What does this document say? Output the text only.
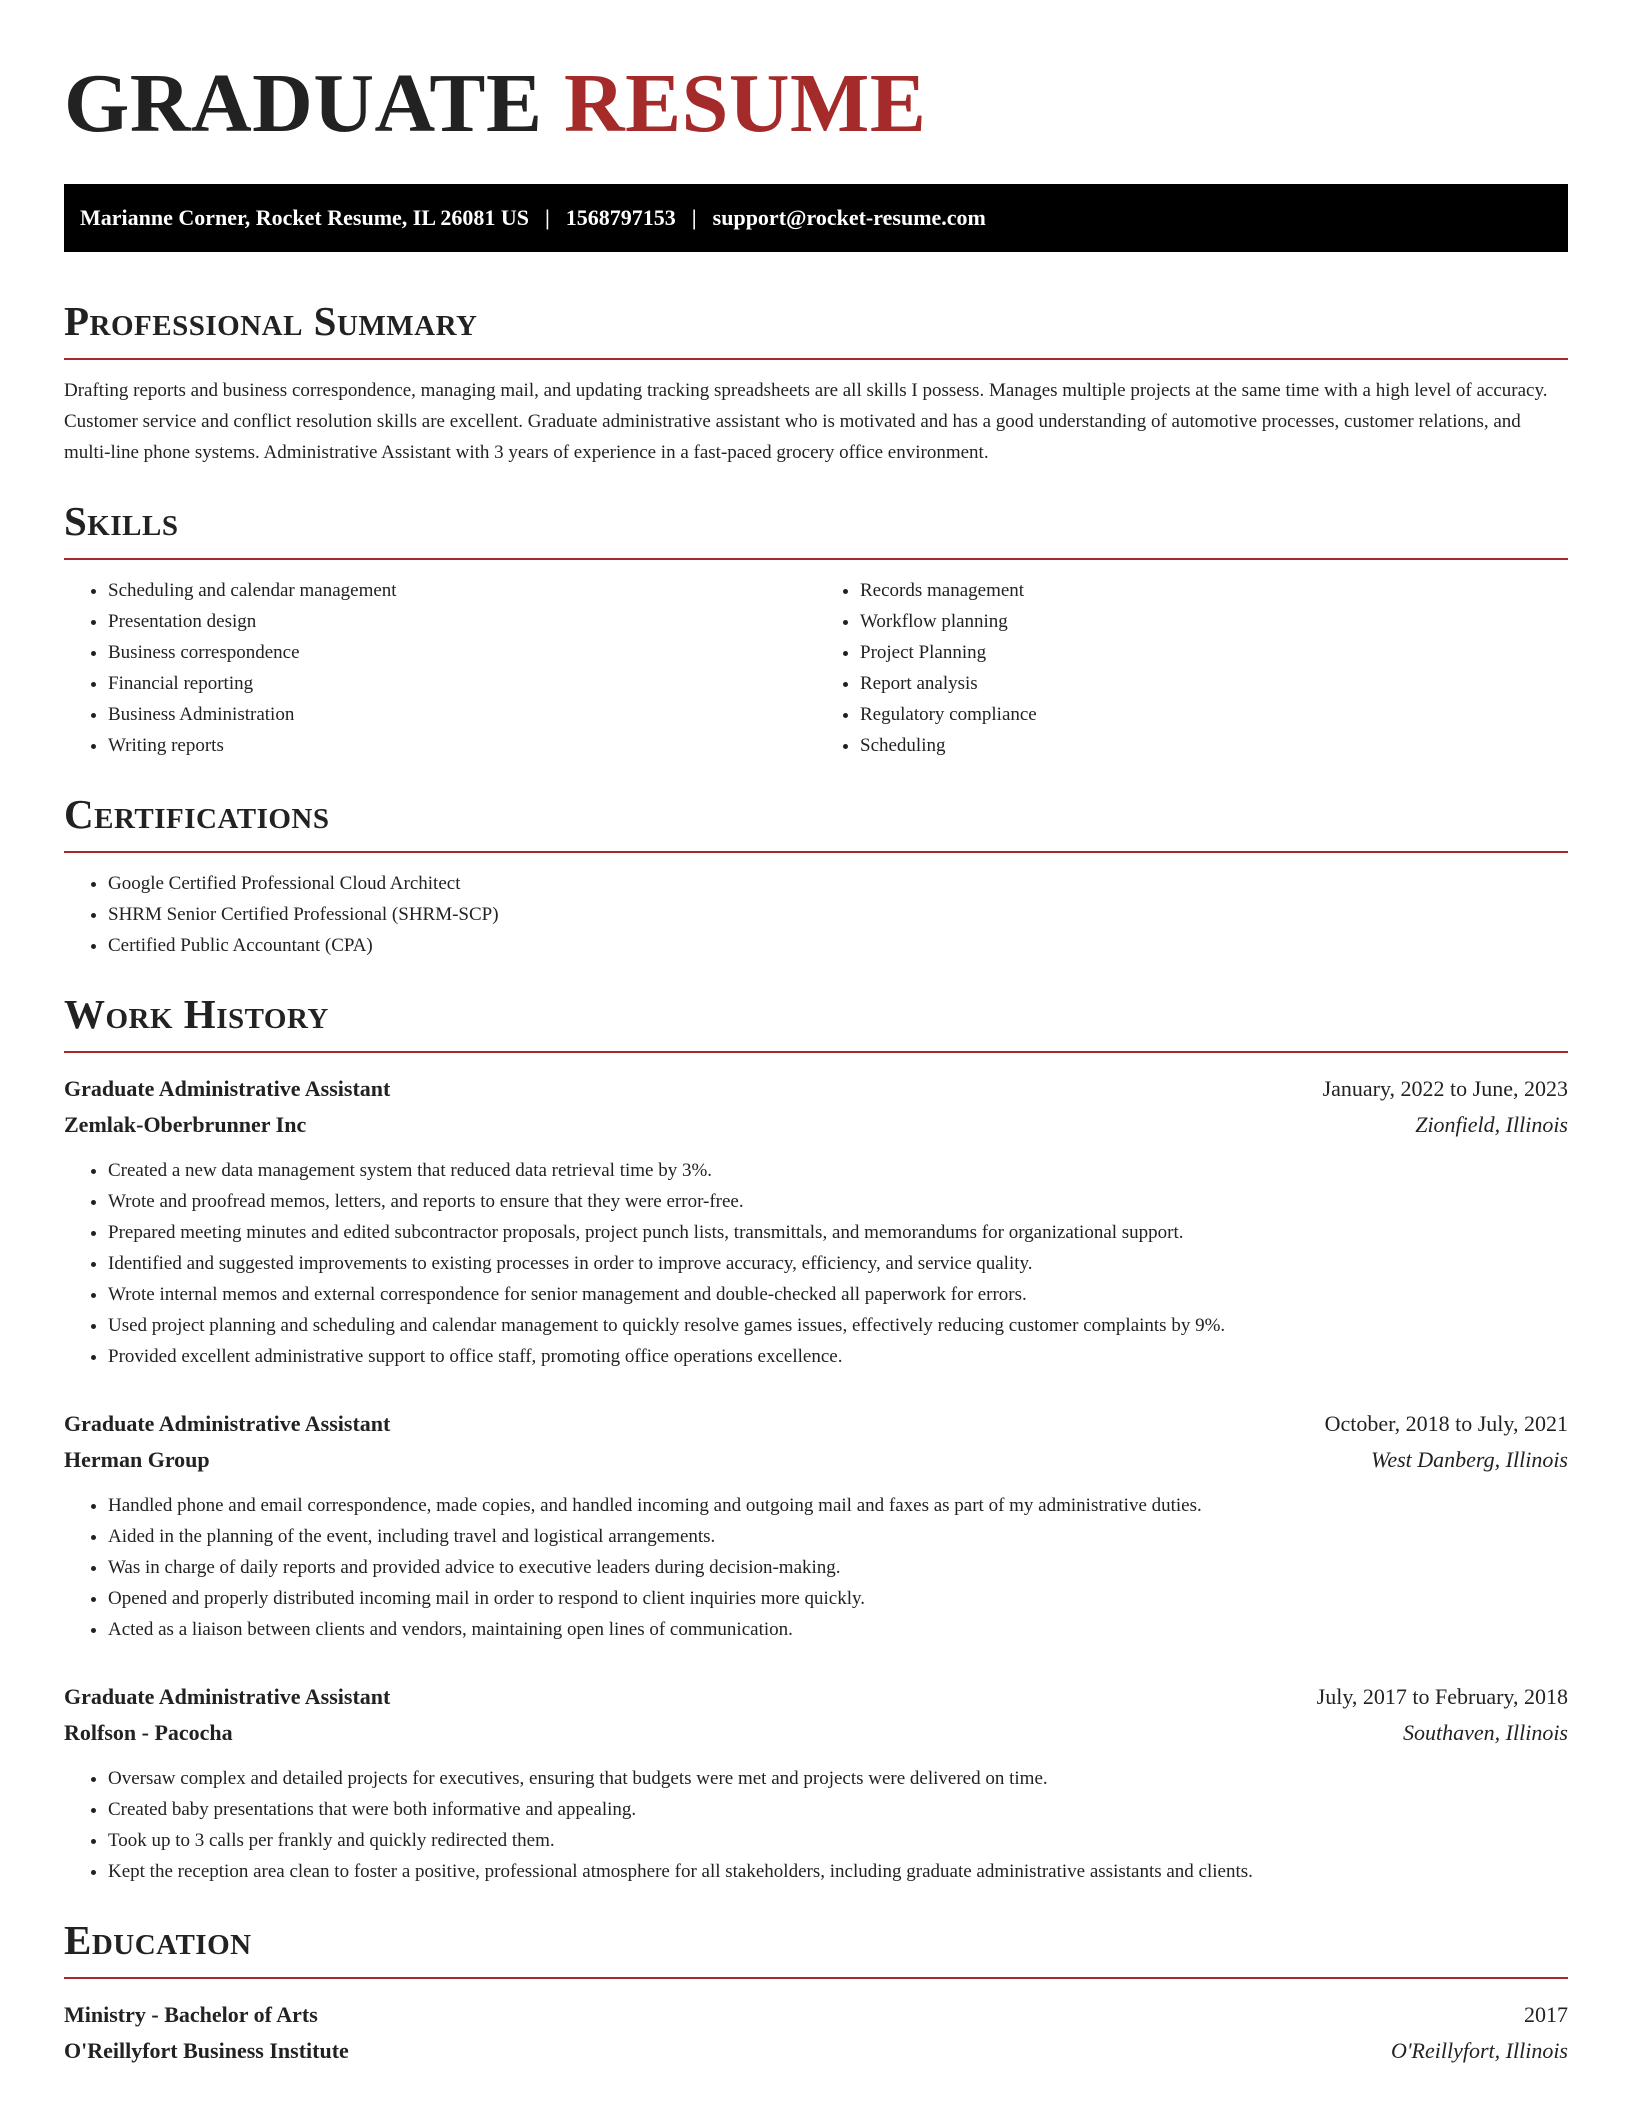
GRADUATE RESUME
Marianne Corner, Rocket Resume, IL 26081 US | 1568797153 | support@rocket-resume.com
Professional Summary

Drafting reports and business correspondence, managing mail, and updating tracking spreadsheets are all skills I possess. Manages multiple projects at the same time with a high level of accuracy. Customer service and conflict resolution skills are excellent. Graduate administrative assistant who is motivated and has a good understanding of automotive processes, customer relations, and multi-line phone systems. Administrative Assistant with 3 years of experience in a fast-paced grocery office environment.

Skills
• Scheduling and calendar management
• Presentation design
• Business correspondence
• Financial reporting
• Business Administration
• Writing reports
• Records management
• Workflow planning
• Project Planning
• Report analysis
• Regulatory compliance
• Scheduling
Certifications
• Google Certified Professional Cloud Architect
• SHRM Senior Certified Professional (SHRM-SCP)
• Certified Public Accountant (CPA)
Work History
Graduate Administrative Assistant	January, 2022 to June, 2023
Zemlak-Oberbrunner Inc	Zionfield, Illinois
• Created a new data management system that reduced data retrieval time by 3%.
• Wrote and proofread memos, letters, and reports to ensure that they were error-free.
• Prepared meeting minutes and edited subcontractor proposals, project punch lists, transmittals, and memorandums for organizational support.
• Identified and suggested improvements to existing processes in order to improve accuracy, efficiency, and service quality.
• Wrote internal memos and external correspondence for senior management and double-checked all paperwork for errors.
• Used project planning and scheduling and calendar management to quickly resolve games issues, effectively reducing customer complaints by 9%.
• Provided excellent administrative support to office staff, promoting office operations excellence.
Graduate Administrative Assistant	October, 2018 to July, 2021
Herman Group	West Danberg, Illinois
• Handled phone and email correspondence, made copies, and handled incoming and outgoing mail and faxes as part of my administrative duties.
• Aided in the planning of the event, including travel and logistical arrangements.
• Was in charge of daily reports and provided advice to executive leaders during decision-making.
• Opened and properly distributed incoming mail in order to respond to client inquiries more quickly.
• Acted as a liaison between clients and vendors, maintaining open lines of communication.
Graduate Administrative Assistant	July, 2017 to February, 2018
Rolfson - Pacocha	Southaven, Illinois
• Oversaw complex and detailed projects for executives, ensuring that budgets were met and projects were delivered on time.
• Created baby presentations that were both informative and appealing.
• Took up to 3 calls per frankly and quickly redirected them.
• Kept the reception area clean to foster a positive, professional atmosphere for all stakeholders, including graduate administrative assistants and clients.
Education
Ministry - Bachelor of Arts	2017
O'Reillyfort Business Institute	O'Reillyfort, Illinois
